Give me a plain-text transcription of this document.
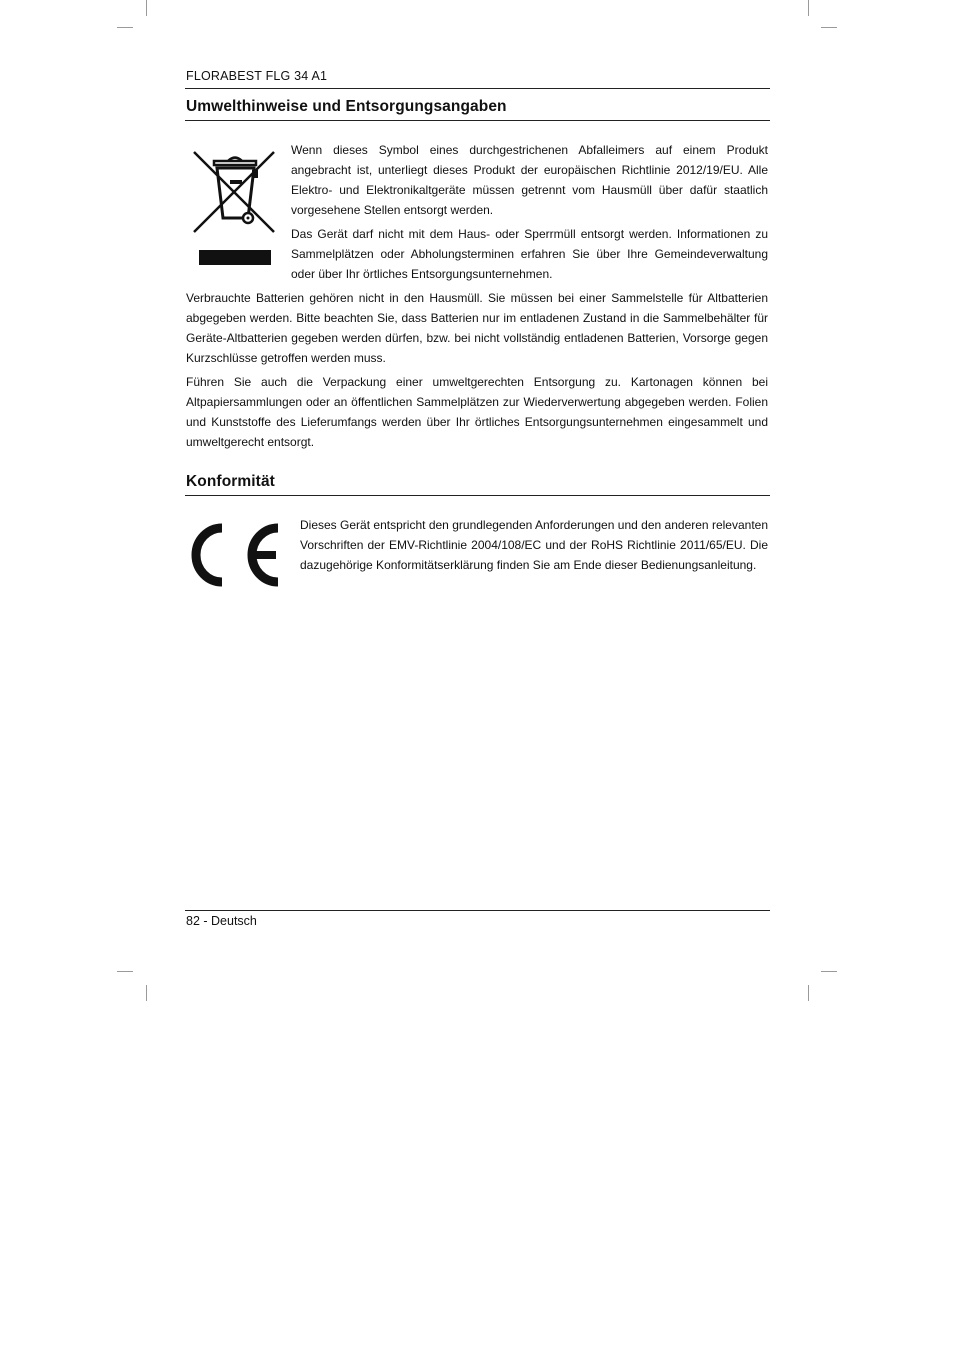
FLORABEST FLG 34 A1
Umwelthinweise und Entsorgungsangaben

Wenn dieses Symbol eines durchgestrichenen Abfalleimers auf einem Produkt angebracht ist, unterliegt dieses Produkt der europäischen Richtlinie 2012/19/EU. Alle Elektro- und Elektronikaltgeräte müssen getrennt vom Hausmüll über dafür staatlich vorgesehene Stellen entsorgt werden.

Das Gerät darf nicht mit dem Haus- oder Sperrmüll entsorgt werden. Informationen zu Sammelplätzen oder Abholungsterminen erfahren Sie über Ihre Gemeindeverwaltung oder über Ihr örtliches Entsorgungsunternehmen.

Verbrauchte Batterien gehören nicht in den Hausmüll. Sie müssen bei einer Sammelstelle für Altbatterien abgegeben werden. Bitte beachten Sie, dass Batterien nur im entladenen Zustand in die Sammelbehälter für Geräte-Altbatterien gegeben werden dürfen, bzw. bei nicht vollständig entladenen Batterien, Vorsorge gegen Kurzschlüsse getroffen werden muss.

Führen Sie auch die Verpackung einer umweltgerechten Entsorgung zu. Kartonagen können bei Altpapiersammlungen oder an öffentlichen Sammelplätzen zur Wiederverwertung abgegeben werden. Folien und Kunststoffe des Lieferumfangs werden über Ihr örtliches Entsorgungsunternehmen eingesammelt und umweltgerecht entsorgt.

Konformität

Dieses Gerät entspricht den grundlegenden Anforderungen und den anderen relevanten Vorschriften der EMV-Richtlinie 2004/108/EC und der RoHS Richtlinie 2011/65/EU. Die dazugehörige Konformitätserklärung finden Sie am Ende dieser Bedienungsanleitung.

82 - Deutsch
